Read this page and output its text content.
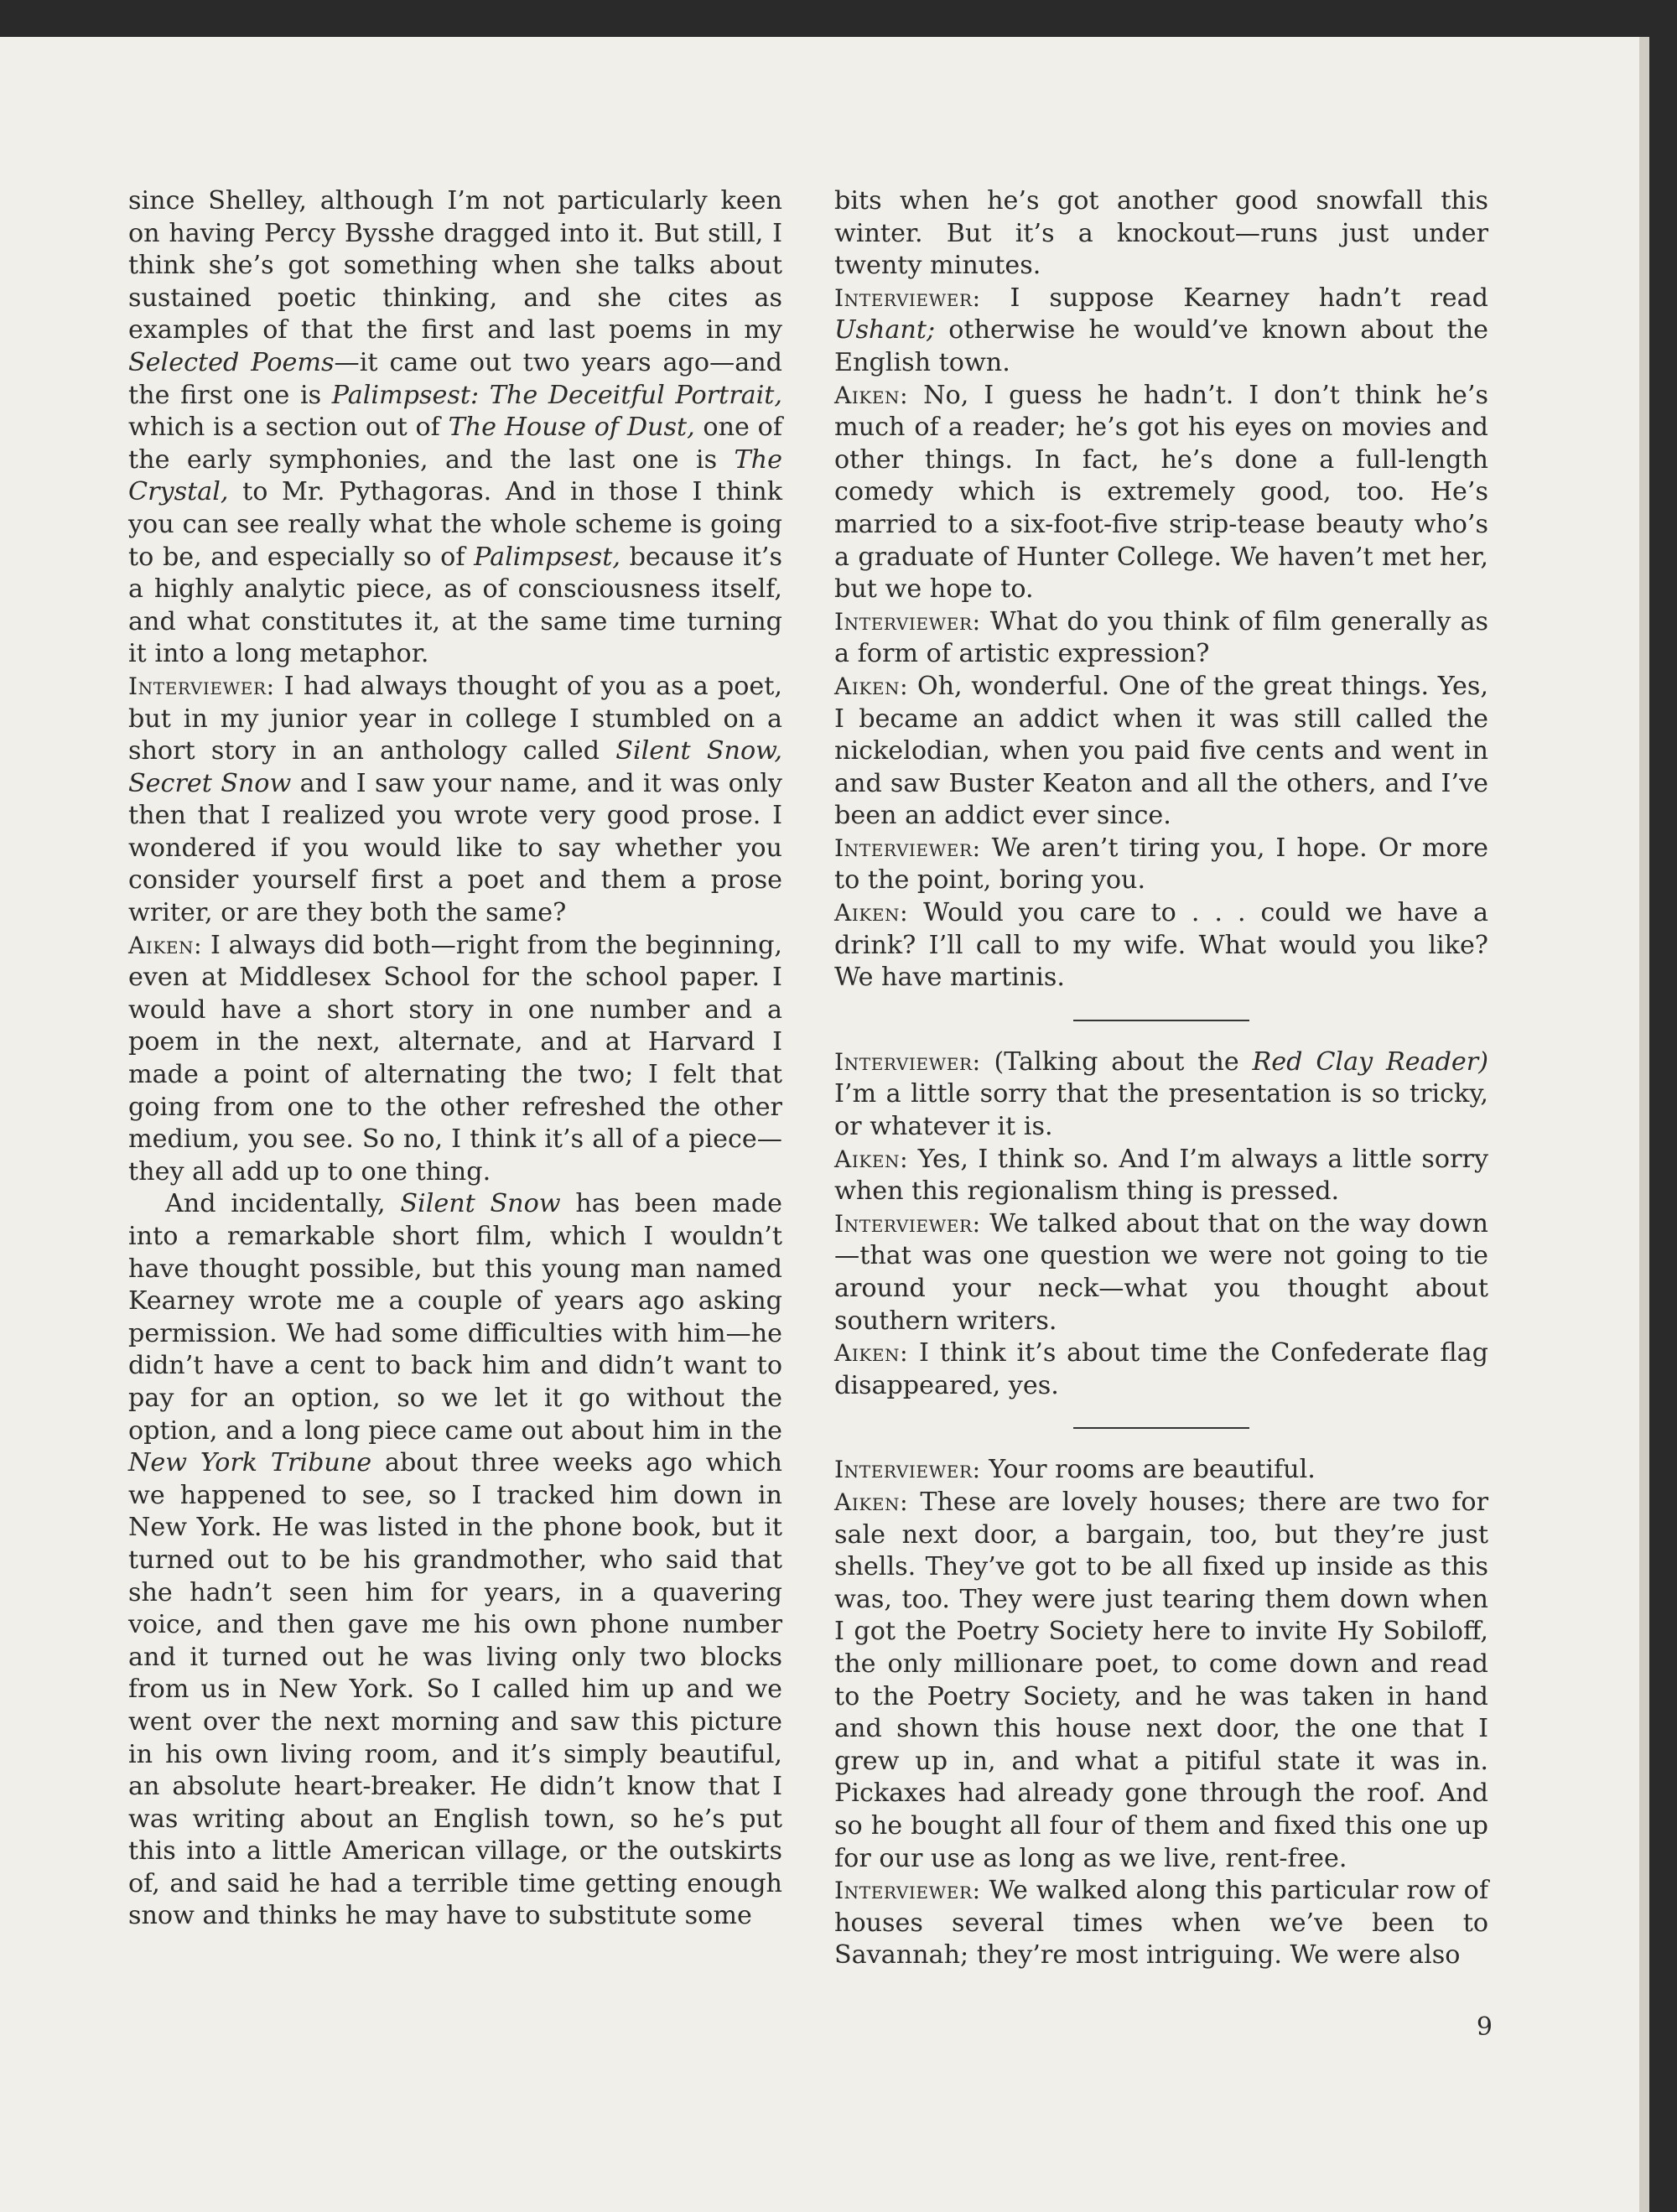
since Shelley, although I’m not particularly keen on having Percy Bysshe dragged into it. But still, I think she’s got something when she talks about sustained poetic thinking, and she cites as examples of that the first and last poems in my Selected Poems—it came out two years ago—and the first one is Palimpsest: The Deceitful Portrait, which is a section out of The House of Dust, one of the early symphonies, and the last one is The Crystal, to Mr. Pythagoras. And in those I think you can see really what the whole scheme is going to be, and especially so of Palimpsest, because it’s a highly analytic piece, as of consciousness itself, and what constitutes it, at the same time turning it into a long metaphor.

Interviewer: I had always thought of you as a poet, but in my junior year in college I stumbled on a short story in an anthology called Silent Snow, Secret Snow and I saw your name, and it was only then that I realized you wrote very good prose. I wondered if you would like to say whether you consider yourself first a poet and them a prose writer, or are they both the same?

Aiken: I always did both—right from the beginning, even at Middlesex School for the school paper. I would have a short story in one number and a poem in the next, alternate, and at Harvard I made a point of alternating the two; I felt that going from one to the other refreshed the other medium, you see. So no, I think it’s all of a piece—they all add up to one thing.

And incidentally, Silent Snow has been made into a remarkable short film, which I wouldn’t have thought possible, but this young man named Kearney wrote me a couple of years ago asking permission. We had some difficulties with him—he didn’t have a cent to back him and didn’t want to pay for an option, so we let it go without the option, and a long piece came out about him in the New York Tribune about three weeks ago which we happened to see, so I tracked him down in New York. He was listed in the phone book, but it turned out to be his grandmother, who said that she hadn’t seen him for years, in a quavering voice, and then gave me his own phone number and it turned out he was living only two blocks from us in New York. So I called him up and we went over the next morning and saw this picture in his own living room, and it’s simply beautiful, an absolute heart-breaker. He didn’t know that I was writing about an English town, so he’s put this into a little American village, or the outskirts of, and said he had a terrible time getting enough snow and thinks he may have to substitute some

bits when he’s got another good snowfall this winter. But it’s a knockout—runs just under twenty minutes.

Interviewer: I suppose Kearney hadn’t read Ushant; otherwise he would’ve known about the English town.

Aiken: No, I guess he hadn’t. I don’t think he’s much of a reader; he’s got his eyes on movies and other things. In fact, he’s done a full-length comedy which is extremely good, too. He’s married to a six-foot-five strip-tease beauty who’s a graduate of Hunter College. We haven’t met her, but we hope to.

Interviewer: What do you think of film generally as a form of artistic expression?

Aiken: Oh, wonderful. One of the great things. Yes, I became an addict when it was still called the nickelodian, when you paid five cents and went in and saw Buster Keaton and all the others, and I’ve been an addict ever since.

Interviewer: We aren’t tiring you, I hope. Or more to the point, boring you.

Aiken: Would you care to . . . could we have a drink? I’ll call to my wife. What would you like? We have martinis.

Interviewer: (Talking about the Red Clay Reader) I’m a little sorry that the presentation is so tricky, or whatever it is.

Aiken: Yes, I think so. And I’m always a little sorry when this regionalism thing is pressed.

Interviewer: We talked about that on the way down—that was one question we were not going to tie around your neck—what you thought about southern writers.

Aiken: I think it’s about time the Confederate flag disappeared, yes.

Interviewer: Your rooms are beautiful.

Aiken: These are lovely houses; there are two for sale next door, a bargain, too, but they’re just shells. They’ve got to be all fixed up inside as this was, too. They were just tearing them down when I got the Poetry Society here to invite Hy Sobiloff, the only millionare poet, to come down and read to the Poetry Society, and he was taken in hand and shown this house next door, the one that I grew up in, and what a pitiful state it was in. Pickaxes had already gone through the roof. And so he bought all four of them and fixed this one up for our use as long as we live, rent-free.

Interviewer: We walked along this particular row of houses several times when we’ve been to Savannah; they’re most intriguing. We were also

9
